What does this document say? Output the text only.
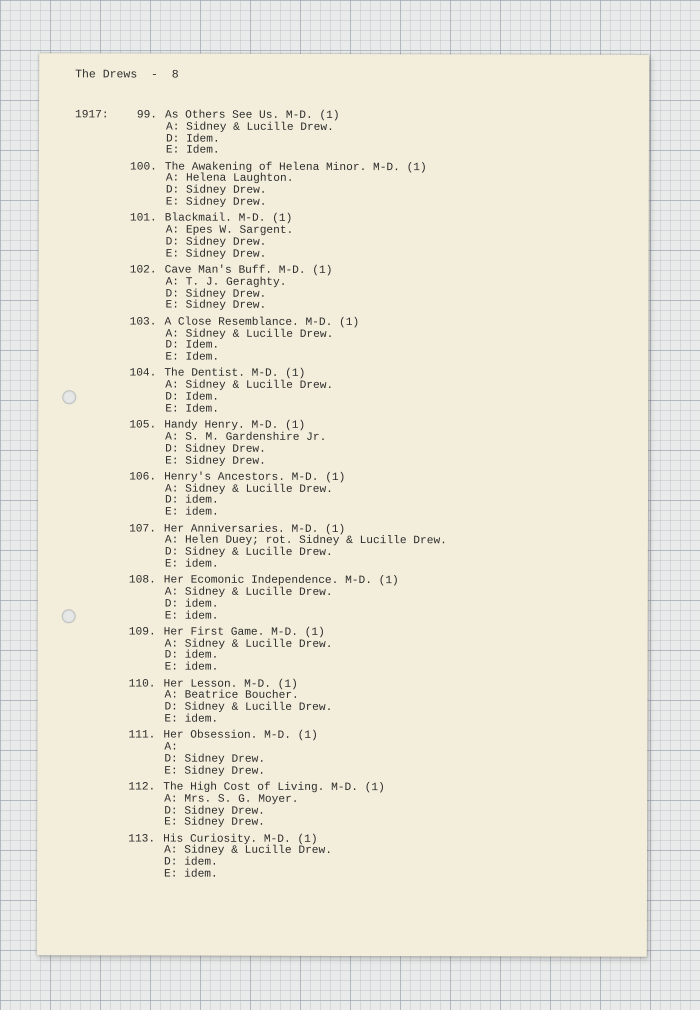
The Drews  -  8
1917:	99. As Others See Us. M-D. (1)
A: Sidney & Lucille Drew.
D: Idem.
E: Idem.
100. The Awakening of Helena Minor. M-D. (1)
A: Helena Laughton.
D: Sidney Drew.
E: Sidney Drew.
101. Blackmail. M-D. (1)
A: Epes W. Sargent.
D: Sidney Drew.
E: Sidney Drew.
102. Cave Man's Buff. M-D. (1)
A: T. J. Geraghty.
D: Sidney Drew.
E: Sidney Drew.
103. A Close Resemblance. M-D. (1)
A: Sidney & Lucille Drew.
D: Idem.
E: Idem.
104. The Dentist. M-D. (1)
A: Sidney & Lucille Drew.
D: Idem.
E: Idem.
105. Handy Henry. M-D. (1)
A: S. M. Gardenshire Jr.
D: Sidney Drew.
E: Sidney Drew.
106. Henry's Ancestors. M-D. (1)
A: Sidney & Lucille Drew.
D: idem.
E: idem.
107. Her Anniversaries. M-D. (1)
A: Helen Duey; rot. Sidney & Lucille Drew.
D: Sidney & Lucille Drew.
E: idem.
108. Her Ecomonic Independence. M-D. (1)
A: Sidney & Lucille Drew.
D: idem.
E: idem.
109. Her First Game. M-D. (1)
A: Sidney & Lucille Drew.
D: idem.
E: idem.
110. Her Lesson. M-D. (1)
A: Beatrice Boucher.
D: Sidney & Lucille Drew.
E: idem.
111. Her Obsession. M-D. (1)
A:
D: Sidney Drew.
E: Sidney Drew.
112. The High Cost of Living. M-D. (1)
A: Mrs. S. G. Moyer.
D: Sidney Drew.
E: Sidney Drew.
113. His Curiosity. M-D. (1)
A: Sidney & Lucille Drew.
D: idem.
E: idem.
